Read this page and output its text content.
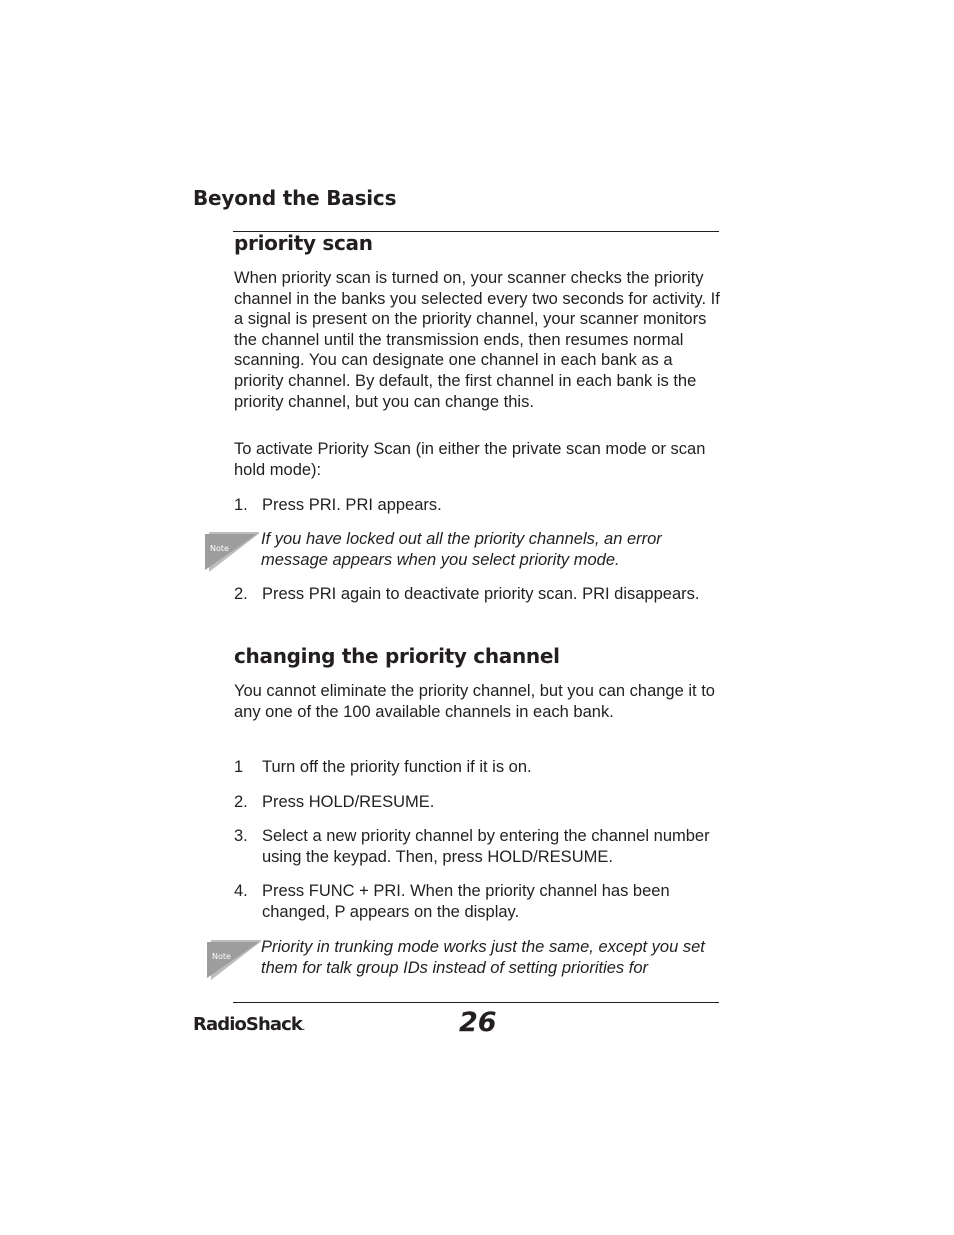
Beyond the Basics
priority scan

When priority scan is turned on, your scanner checks the priority channel in the banks you selected every two seconds for activity. If a signal is present on the priority channel, your scanner monitors the channel until the transmission ends, then resumes normal scanning. You can designate one channel in each bank as a priority channel. By default, the first channel in each bank is the priority channel, but you can change this.

To activate Priority Scan (in either the private scan mode or scan hold mode):

1. Press PRI. PRI appears.
Note

If you have locked out all the priority channels, an error message appears when you select priority mode.

2. Press PRI again to deactivate priority scan. PRI disappears.
changing the priority channel

You cannot eliminate the priority channel, but you can change it to any one of the 100 available channels in each bank.

1 Turn off the priority function if it is on.
2. Press HOLD/RESUME.
3. Select a new priority channel by entering the channel number using the keypad. Then, press HOLD/RESUME.
4. Press FUNC + PRI. When the priority channel has been changed, P appears on the display.
Note

Priority in trunking mode works just the same, except you set them for talk group IDs instead of setting priorities for

RadioShack.	26
